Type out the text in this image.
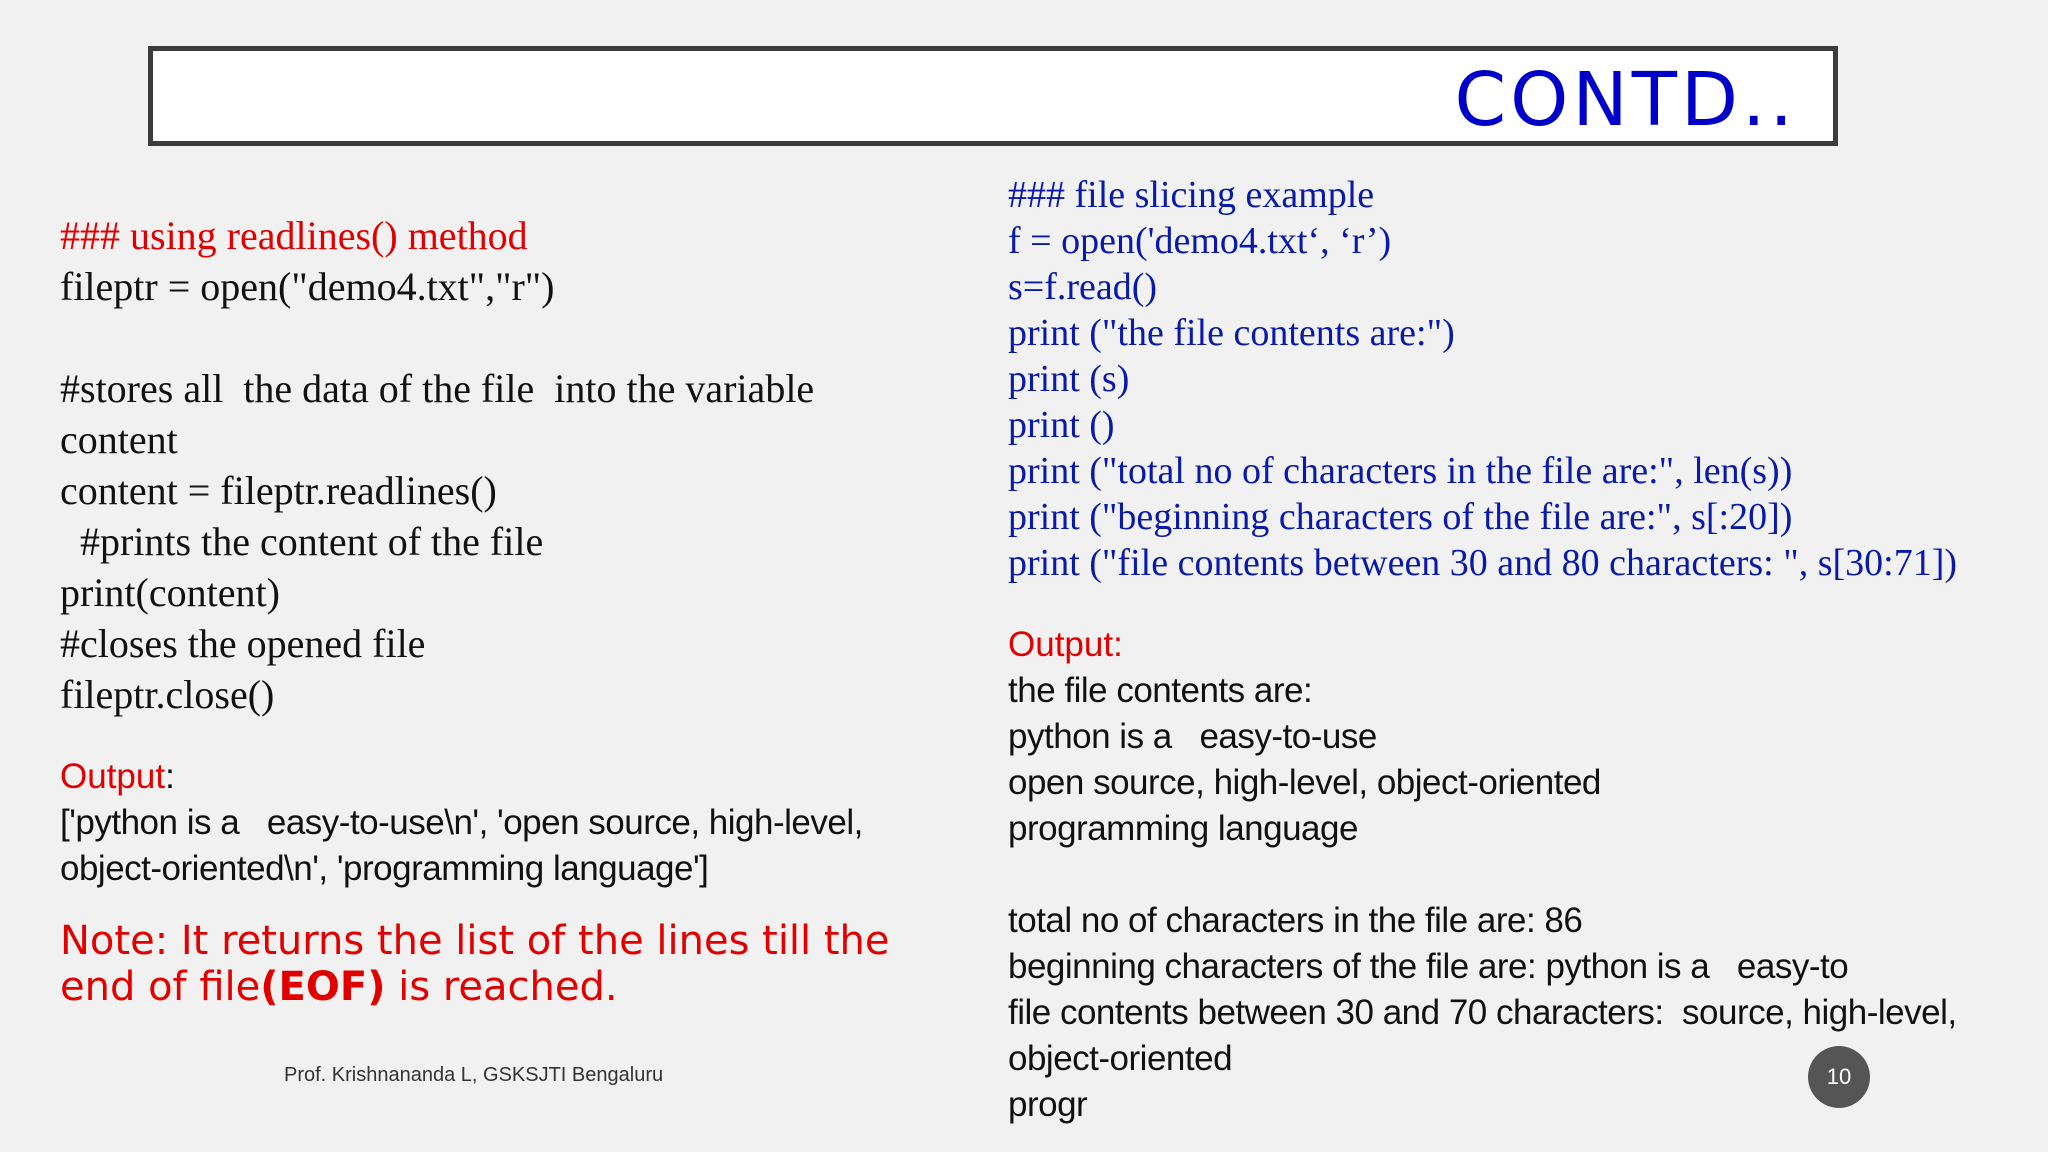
CONTD..
### using readlines() method
fileptr = open("demo4.txt","r")
#stores all  the data of the file  into the variable
content
content = fileptr.readlines()
#prints the content of the file
print(content)
#closes the opened file
fileptr.close()
Output:
['python is a   easy-to-use\n', 'open source, high-level,
object-oriented\n', 'programming language']
Note: It returns the list of the lines till the end of file(EOF) is reached.
### file slicing example
f = open('demo4.txt‘, ‘r’)
s=f.read()
print ("the file contents are:")
print (s)
print ()
print ("total no of characters in the file are:", len(s))
print ("beginning characters of the file are:", s[:20])
print ("file contents between 30 and 80 characters: ", s[30:71])
Output:
the file contents are:
python is a   easy-to-use
open source, high-level, object-oriented
programming language
total no of characters in the file are: 86
beginning characters of the file are: python is a   easy-to
file contents between 30 and 70 characters:  source, high-level,
object-oriented
progr
Prof. Krishnananda L, GSKSJTI Bengaluru	10
